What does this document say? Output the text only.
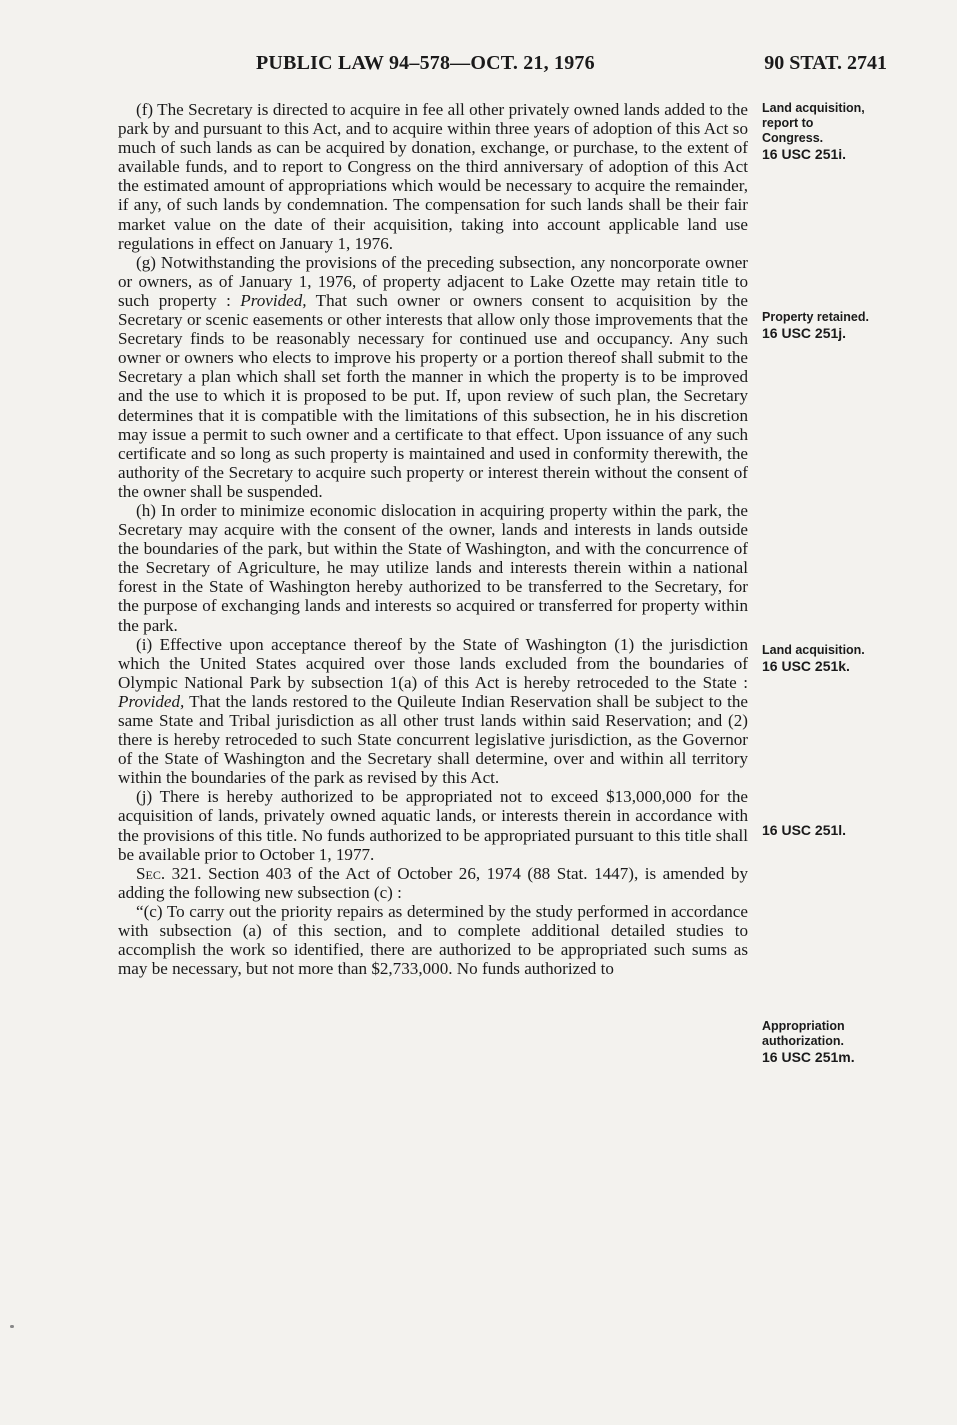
PUBLIC LAW 94–578—OCT. 21, 1976	90 STAT. 2741

(f) The Secretary is directed to acquire in fee all other privately owned lands added to the park by and pursuant to this Act, and to acquire within three years of adoption of this Act so much of such lands as can be acquired by donation, exchange, or purchase, to the extent of available funds, and to report to Congress on the third anniversary of adoption of this Act the estimated amount of appropriations which would be necessary to acquire the remainder, if any, of such lands by condemnation. The compensation for such lands shall be their fair market value on the date of their acquisition, taking into account applicable land use regulations in effect on January 1, 1976.

(g) Notwithstanding the provisions of the preceding subsection, any noncorporate owner or owners, as of January 1, 1976, of property adjacent to Lake Ozette may retain title to such property : Provided, That such owner or owners consent to acquisition by the Secretary or scenic easements or other interests that allow only those improvements that the Secretary finds to be reasonably necessary for continued use and occupancy. Any such owner or owners who elects to improve his property or a portion thereof shall submit to the Secretary a plan which shall set forth the manner in which the property is to be improved and the use to which it is proposed to be put. If, upon review of such plan, the Secretary determines that it is compatible with the limitations of this subsection, he in his discretion may issue a permit to such owner and a certificate to that effect. Upon issuance of any such certificate and so long as such property is maintained and used in conformity therewith, the authority of the Secretary to acquire such property or interest therein without the consent of the owner shall be suspended.

(h) In order to minimize economic dislocation in acquiring property within the park, the Secretary may acquire with the consent of the owner, lands and interests in lands outside the boundaries of the park, but within the State of Washington, and with the concurrence of the Secretary of Agriculture, he may utilize lands and interests therein within a national forest in the State of Washington hereby authorized to be transferred to the Secretary, for the purpose of exchanging lands and interests so acquired or transferred for property within the park.

(i) Effective upon acceptance thereof by the State of Washington (1) the jurisdiction which the United States acquired over those lands excluded from the boundaries of Olympic National Park by subsection 1(a) of this Act is hereby retroceded to the State : Provided, That the lands restored to the Quileute Indian Reservation shall be subject to the same State and Tribal jurisdiction as all other trust lands within said Reservation; and (2) there is hereby retroceded to such State concurrent legislative jurisdiction, as the Governor of the State of Washington and the Secretary shall determine, over and within all territory within the boundaries of the park as revised by this Act.

(j) There is hereby authorized to be appropriated not to exceed $13,000,000 for the acquisition of lands, privately owned aquatic lands, or interests therein in accordance with the provisions of this title. No funds authorized to be appropriated pursuant to this title shall be available prior to October 1, 1977.

Sec. 321. Section 403 of the Act of October 26, 1974 (88 Stat. 1447), is amended by adding the following new subsection (c) :

“(c) To carry out the priority repairs as determined by the study performed in accordance with subsection (a) of this section, and to complete additional detailed studies to accomplish the work so identified, there are authorized to be appropriated such sums as may be necessary, but not more than $2,733,000. No funds authorized to

Land acquisition,
report to
Congress.
16 USC 251i.
Property retained.
16 USC 251j.
Land acquisition.
16 USC 251k.
16 USC 251l.
Appropriation
authorization.
16 USC 251m.
